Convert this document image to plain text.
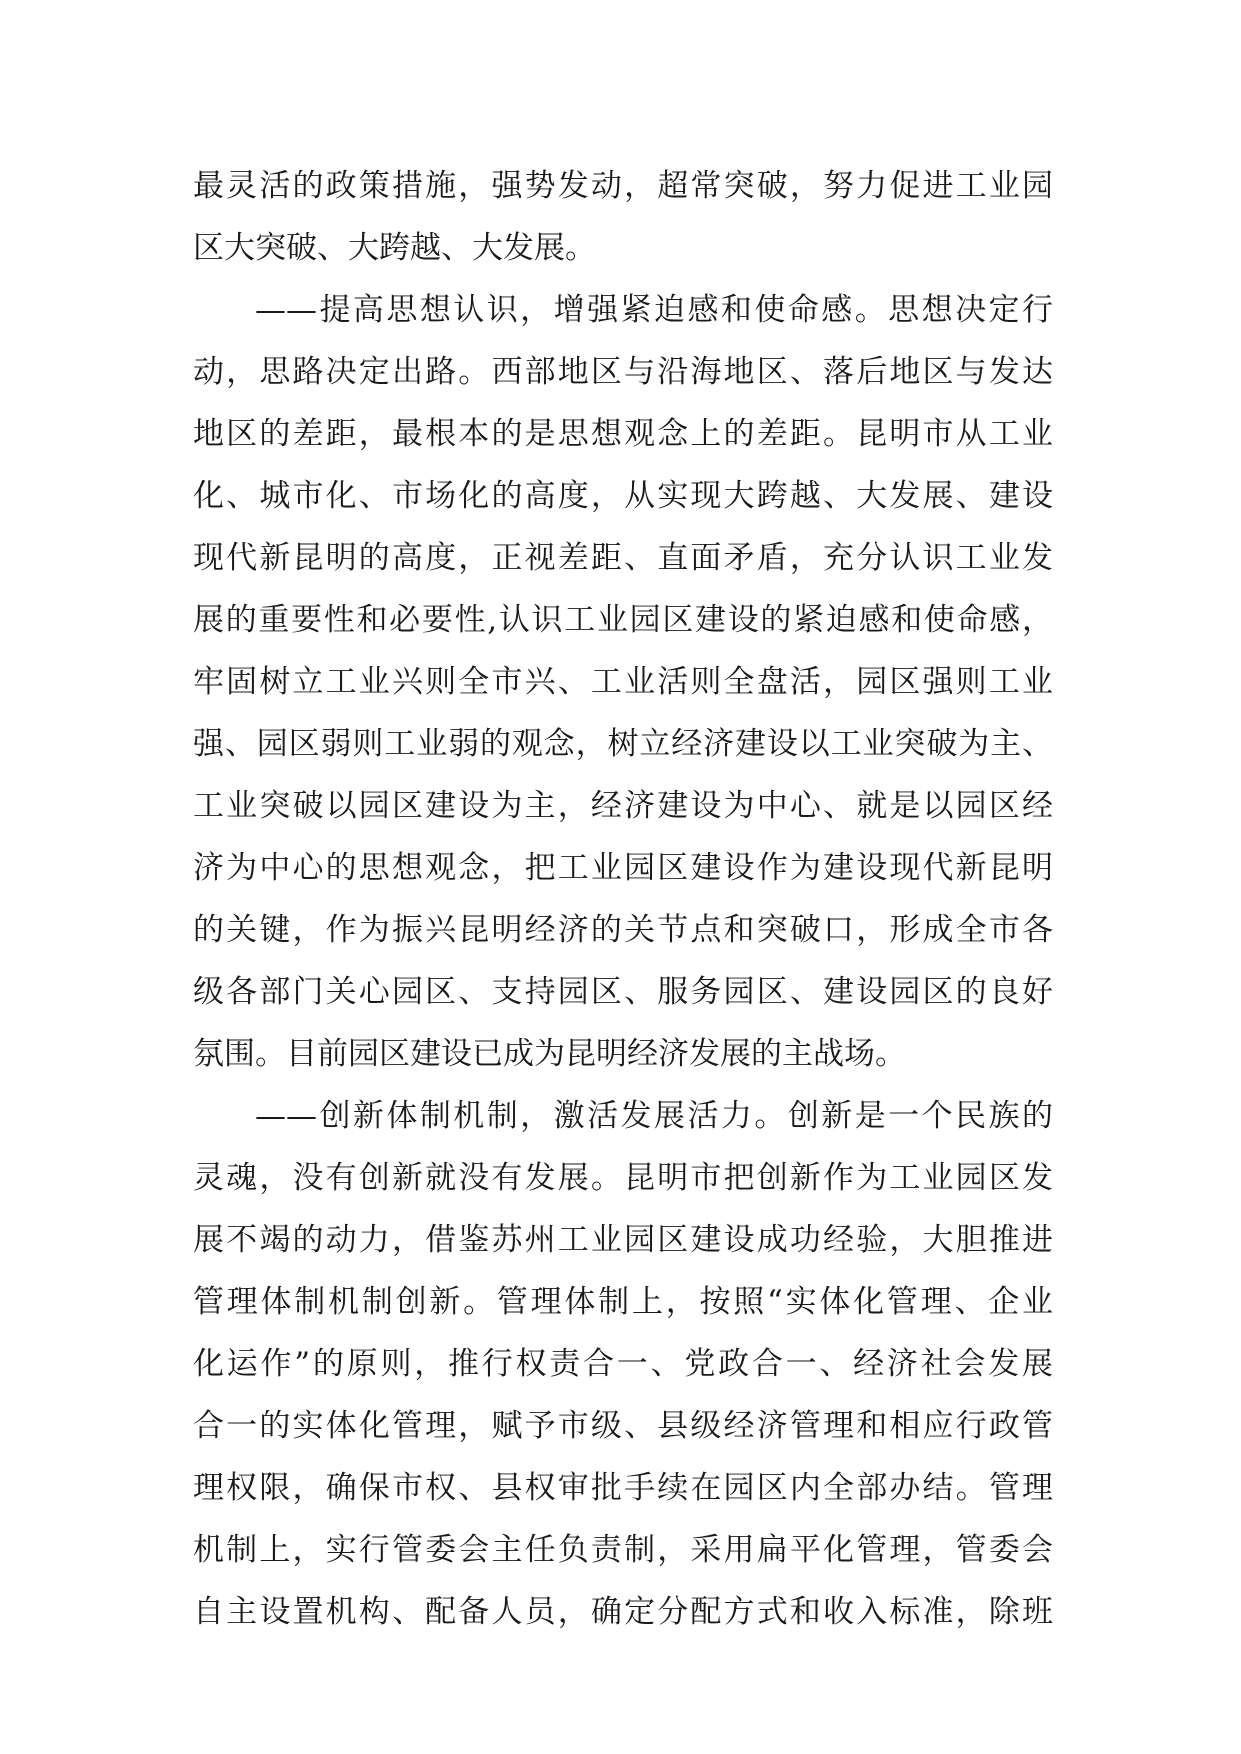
最灵活的政策措施，强势发动，超常突破，努力促进工业园
区大突破、大跨越、大发展。
——提高思想认识，增强紧迫感和使命感。思想决定行
动，思路决定出路。西部地区与沿海地区、落后地区与发达
地区的差距，最根本的是思想观念上的差距。昆明市从工业
化、城市化、市场化的高度，从实现大跨越、大发展、建设
现代新昆明的高度，正视差距、直面矛盾，充分认识工业发
展的重要性和必要性,认识工业园区建设的紧迫感和使命感，
牢固树立工业兴则全市兴、工业活则全盘活，园区强则工业
强、园区弱则工业弱的观念，树立经济建设以工业突破为主、
工业突破以园区建设为主，经济建设为中心、就是以园区经
济为中心的思想观念，把工业园区建设作为建设现代新昆明
的关键，作为振兴昆明经济的关节点和突破口，形成全市各
级各部门关心园区、支持园区、服务园区、建设园区的良好
氛围。目前园区建设已成为昆明经济发展的主战场。
——创新体制机制，激活发展活力。创新是一个民族的
灵魂，没有创新就没有发展。昆明市把创新作为工业园区发
展不竭的动力，借鉴苏州工业园区建设成功经验，大胆推进
管理体制机制创新。管理体制上，按照“实体化管理、企业
化运作”的原则，推行权责合一、党政合一、经济社会发展
合一的实体化管理，赋予市级、县级经济管理和相应行政管
理权限，确保市权、县权审批手续在园区内全部办结。管理
机制上，实行管委会主任负责制，采用扁平化管理，管委会
自主设置机构、配备人员，确定分配方式和收入标准，除班
